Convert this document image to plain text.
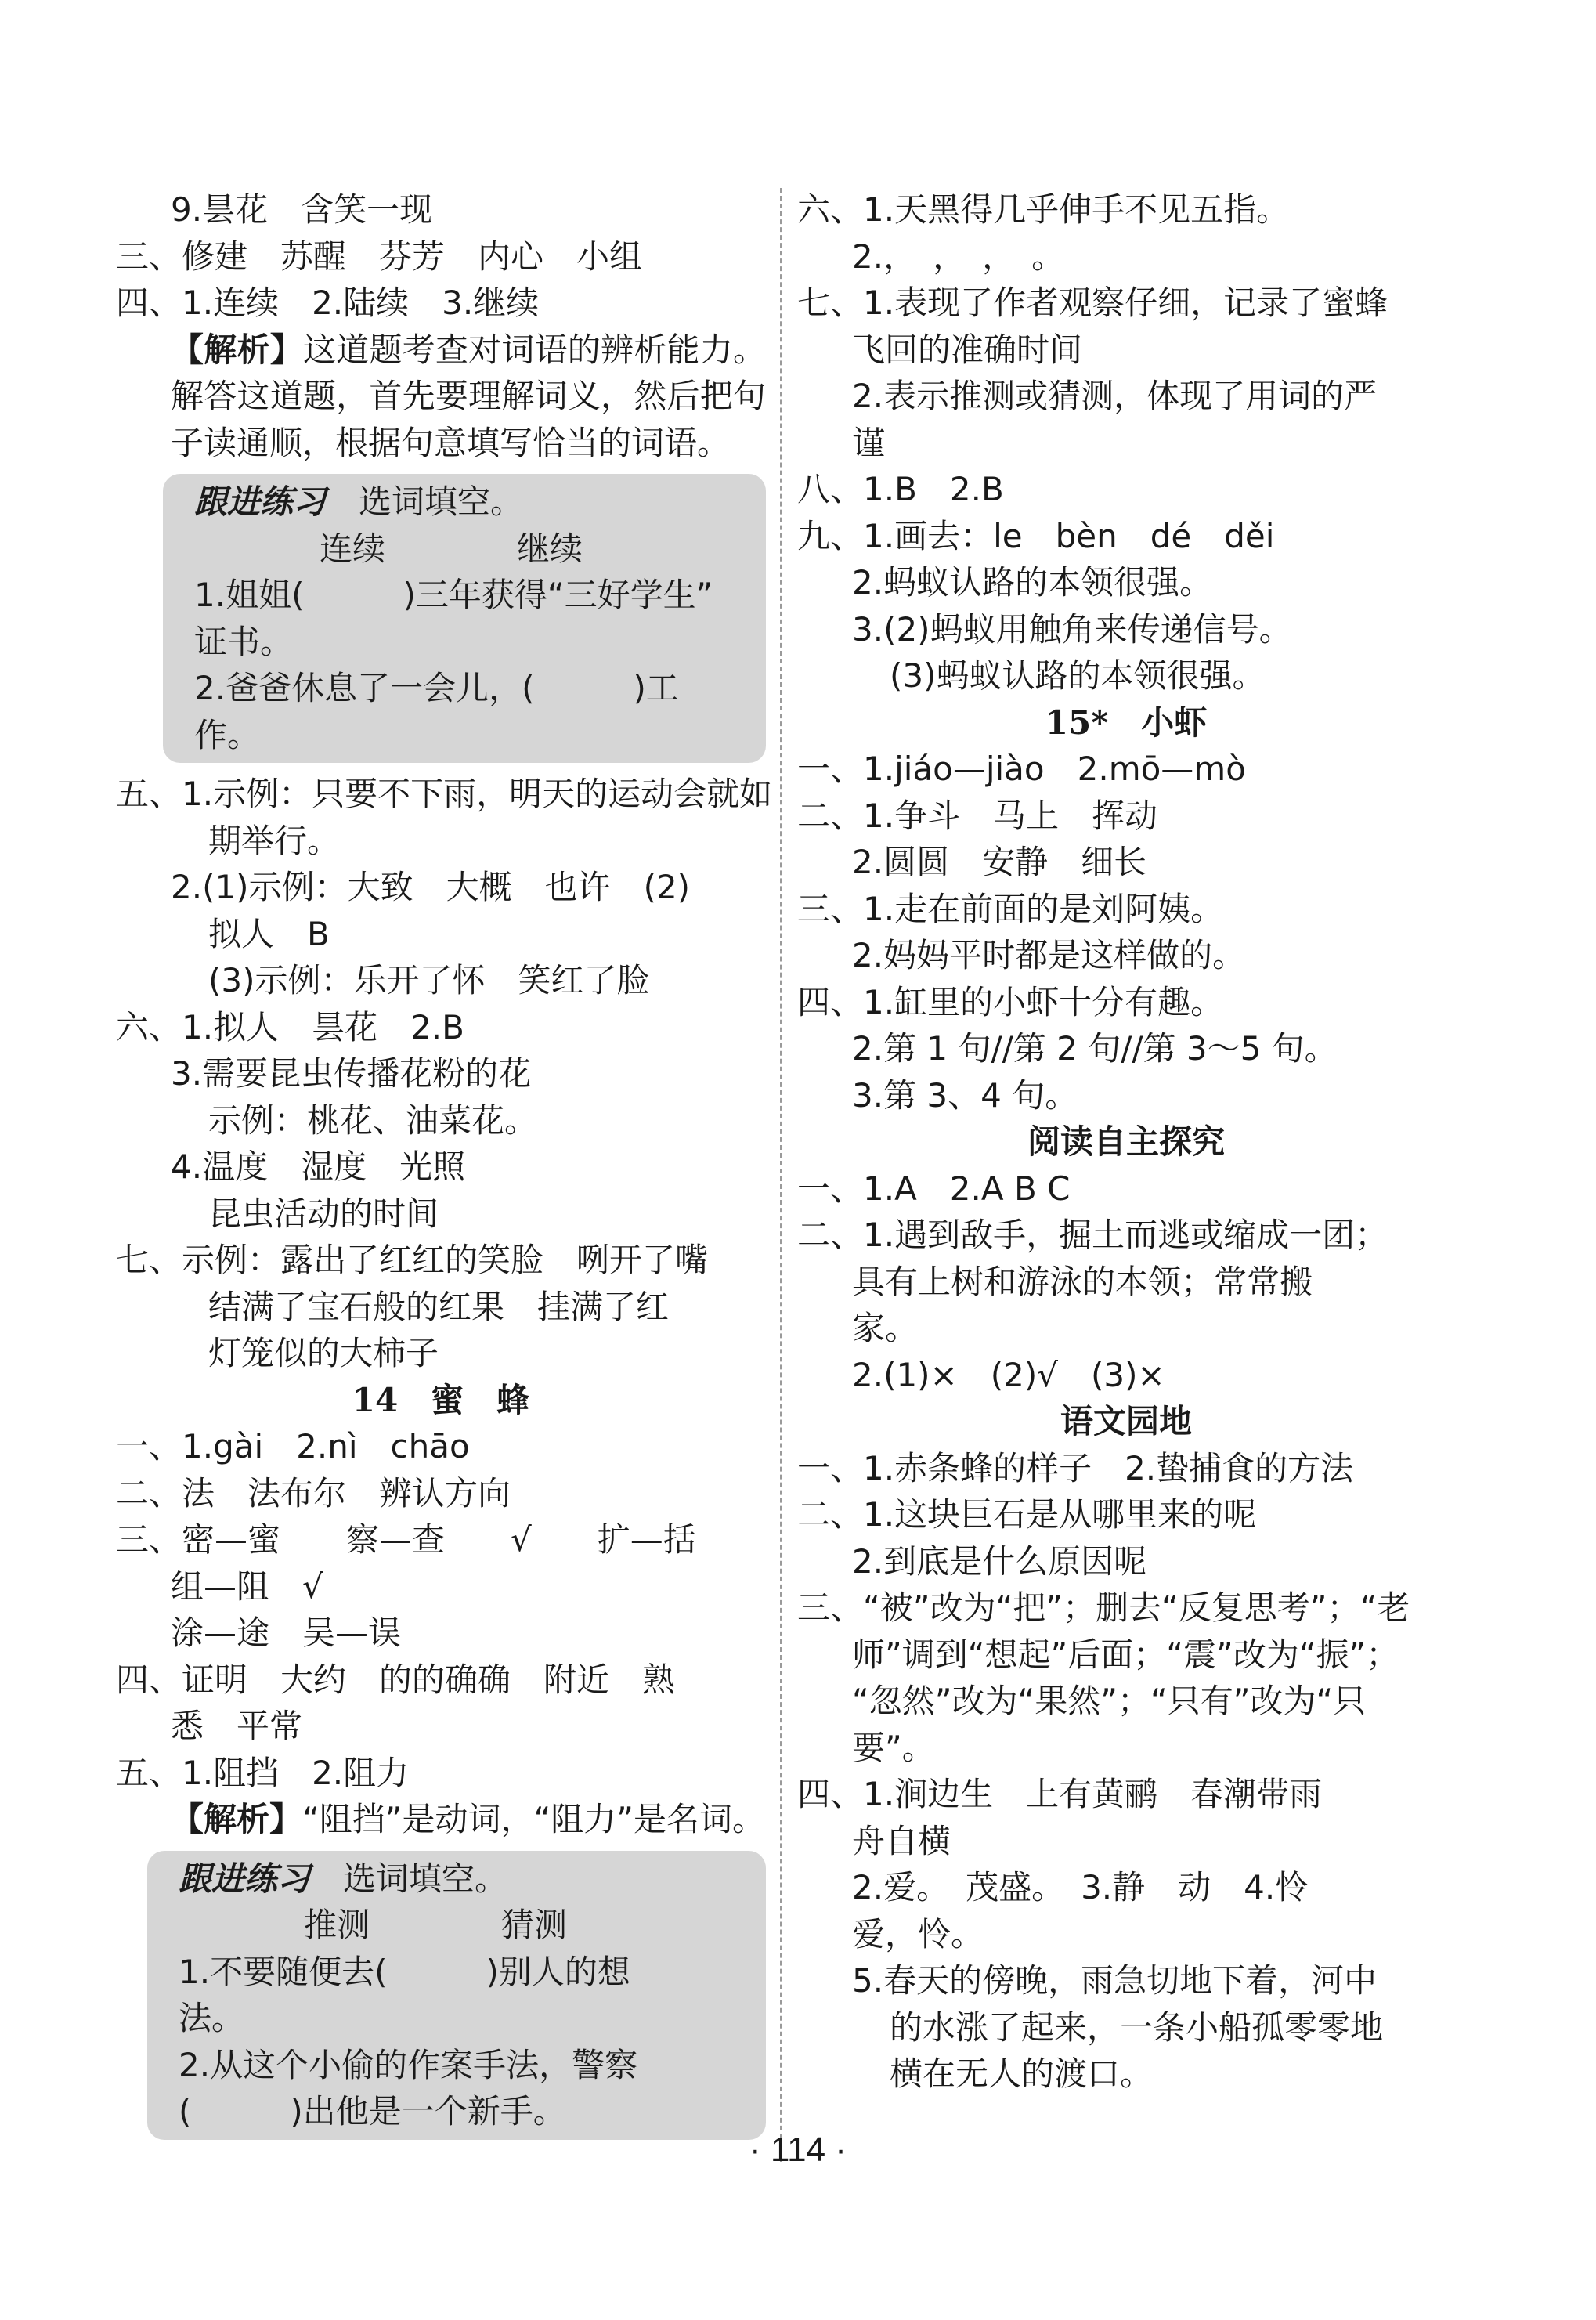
9.昙花　含笑一现
三、修建　苏醒　芬芳　内心　小组
四、1.连续　2.陆续　3.继续
【解析】这道题考查对词语的辨析能力。解答这道题，首先要理解词义，然后把句子读通顺，根据句意填写恰当的词语。
跟进练习　选词填空。
连续　　　　继续
1.姐姐(　　　)三年获得“三好学生”
证书。
2.爸爸休息了一会儿，(　　　)工
作。
五、1.示例：只要不下雨，明天的运动会就如
期举行。
2.(1)示例：大致　大概　也许　(2)
拟人　B
(3)示例：乐开了怀　笑红了脸
六、1.拟人　昙花　2.B
3.需要昆虫传播花粉的花
示例：桃花、油菜花。
4.温度　湿度　光照
昆虫活动的时间
七、示例：露出了红红的笑脸　咧开了嘴
结满了宝石般的红果　挂满了红
灯笼似的大柿子
14　蜜　蜂
一、1.gài　2.nì　chāo
二、法　法布尔　辨认方向
三、密—蜜　　察—查　　√　　扩—括
组—阻　√
涂—途　吴—误
四、证明　大约　的的确确　附近　熟
悉　平常
五、1.阻挡　2.阻力
【解析】“阻挡”是动词，“阻力”是名词。
跟进练习　选词填空。
推测　　　　猜测
1.不要随便去(　　　)别人的想
法。
2.从这个小偷的作案手法，警察
(　　　)出他是一个新手。
六、1.天黑得几乎伸手不见五指。
2.，　，　，　。
七、1.表现了作者观察仔细，记录了蜜蜂
飞回的准确时间
2.表示推测或猜测，体现了用词的严
谨
八、1.B　2.B
九、1.画去：le　bèn　dé　děi
2.蚂蚁认路的本领很强。
3.(2)蚂蚁用触角来传递信号。
(3)蚂蚁认路的本领很强。
15*　小虾
一、1.jiáo—jiào　2.mō—mò
二、1.争斗　马上　挥动
2.圆圆　安静　细长
三、1.走在前面的是刘阿姨。
2.妈妈平时都是这样做的。
四、1.缸里的小虾十分有趣。
2.第 1 句//第 2 句//第 3～5 句。
3.第 3、4 句。
阅读自主探究
一、1.A　2.A B C
二、1.遇到敌手，掘土而逃或缩成一团；
具有上树和游泳的本领；常常搬
家。
2.(1)×　(2)√　(3)×
语文园地
一、1.赤条蜂的样子　2.蛰捕食的方法
二、1.这块巨石是从哪里来的呢
2.到底是什么原因呢
三、“被”改为“把”；删去“反复思考”；“老
师”调到“想起”后面；“震”改为“振”；
“忽然”改为“果然”；“只有”改为“只
要”。
四、1.涧边生　上有黄鹂　春潮带雨
舟自横
2.爱。　茂盛。　3.静　动　4.怜
爱，怜。
5.春天的傍晚，雨急切地下着，河中
的水涨了起来，一条小船孤零零地
横在无人的渡口。
· 114 ·
